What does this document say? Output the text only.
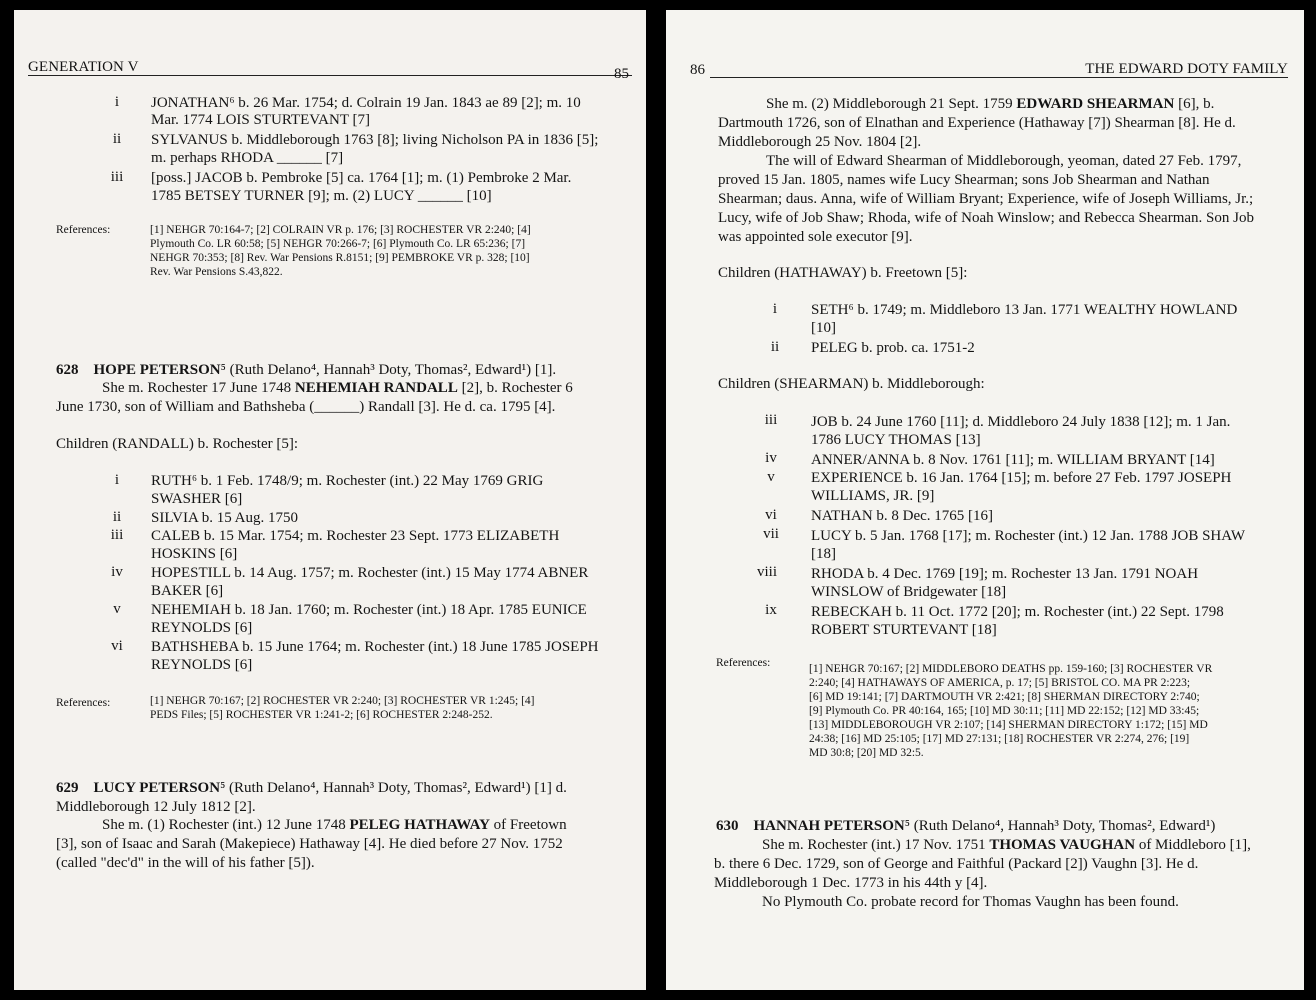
GENERATION V	85
i	JONATHAN⁶ b. 26 Mar. 1754; d. Colrain 19 Jan. 1843 ae 89 [2]; m. 10
Mar. 1774 LOIS STURTEVANT [7]
ii	SYLVANUS b. Middleborough 1763 [8]; living Nicholson PA in 1836 [5];
m. perhaps RHODA ______ [7]
iii	[poss.] JACOB b. Pembroke [5] ca. 1764 [1]; m. (1) Pembroke 2 Mar.
1785 BETSEY TURNER [9]; m. (2) LUCY ______ [10]
References:	[1] NEHGR 70:164-7; [2] COLRAIN VR p. 176; [3] ROCHESTER VR 2:240; [4]
Plymouth Co. LR 60:58; [5] NEHGR 70:266-7; [6] Plymouth Co. LR 65:236; [7]
NEHGR 70:353; [8] Rev. War Pensions R.8151; [9] PEMBROKE VR p. 328; [10]
Rev. War Pensions S.43,822.
628 HOPE PETERSON⁵ (Ruth Delano⁴, Hannah³ Doty, Thomas², Edward¹) [1].
She m. Rochester 17 June 1748 NEHEMIAH RANDALL [2], b. Rochester 6
June 1730, son of William and Bathsheba (______) Randall [3]. He d. ca. 1795 [4].
Children (RANDALL) b. Rochester [5]:
i	RUTH⁶ b. 1 Feb. 1748/9; m. Rochester (int.) 22 May 1769 GRIG
SWASHER [6]
ii	SILVIA b. 15 Aug. 1750
iii	CALEB b. 15 Mar. 1754; m. Rochester 23 Sept. 1773 ELIZABETH
HOSKINS [6]
iv	HOPESTILL b. 14 Aug. 1757; m. Rochester (int.) 15 May 1774 ABNER
BAKER [6]
v	NEHEMIAH b. 18 Jan. 1760; m. Rochester (int.) 18 Apr. 1785 EUNICE
REYNOLDS [6]
vi	BATHSHEBA b. 15 June 1764; m. Rochester (int.) 18 June 1785 JOSEPH
REYNOLDS [6]
References:	[1] NEHGR 70:167; [2] ROCHESTER VR 2:240; [3] ROCHESTER VR 1:245; [4]
PEDS Files; [5] ROCHESTER VR 1:241-2; [6] ROCHESTER 2:248-252.
629 LUCY PETERSON⁵ (Ruth Delano⁴, Hannah³ Doty, Thomas², Edward¹) [1] d.
Middleborough 12 July 1812 [2].
She m. (1) Rochester (int.) 12 June 1748 PELEG HATHAWAY of Freetown
[3], son of Isaac and Sarah (Makepiece) Hathaway [4]. He died before 27 Nov. 1752
(called "dec'd" in the will of his father [5]).
86	THE EDWARD DOTY FAMILY
She m. (2) Middleborough 21 Sept. 1759 EDWARD SHEARMAN [6], b.
Dartmouth 1726, son of Elnathan and Experience (Hathaway [7]) Shearman [8]. He d.
Middleborough 25 Nov. 1804 [2].
The will of Edward Shearman of Middleborough, yeoman, dated 27 Feb. 1797,
proved 15 Jan. 1805, names wife Lucy Shearman; sons Job Shearman and Nathan
Shearman; daus. Anna, wife of William Bryant; Experience, wife of Joseph Williams, Jr.;
Lucy, wife of Job Shaw; Rhoda, wife of Noah Winslow; and Rebecca Shearman. Son Job
was appointed sole executor [9].
Children (HATHAWAY) b. Freetown [5]:
i	SETH⁶ b. 1749; m. Middleboro 13 Jan. 1771 WEALTHY HOWLAND
[10]
ii	PELEG b. prob. ca. 1751-2
Children (SHEARMAN) b. Middleborough:
iii	JOB b. 24 June 1760 [11]; d. Middleboro 24 July 1838 [12]; m. 1 Jan.
1786 LUCY THOMAS [13]
iv	ANNER/ANNA b. 8 Nov. 1761 [11]; m. WILLIAM BRYANT [14]
v	EXPERIENCE b. 16 Jan. 1764 [15]; m. before 27 Feb. 1797 JOSEPH
WILLIAMS, JR. [9]
vi	NATHAN b. 8 Dec. 1765 [16]
vii	LUCY b. 5 Jan. 1768 [17]; m. Rochester (int.) 12 Jan. 1788 JOB SHAW
[18]
viii	RHODA b. 4 Dec. 1769 [19]; m. Rochester 13 Jan. 1791 NOAH
WINSLOW of Bridgewater [18]
ix	REBECKAH b. 11 Oct. 1772 [20]; m. Rochester (int.) 22 Sept. 1798
ROBERT STURTEVANT [18]
References:	[1] NEHGR 70:167; [2] MIDDLEBORO DEATHS pp. 159-160; [3] ROCHESTER VR
2:240; [4] HATHAWAYS OF AMERICA, p. 17; [5] BRISTOL CO. MA PR 2:223;
[6] MD 19:141; [7] DARTMOUTH VR 2:421; [8] SHERMAN DIRECTORY 2:740;
[9] Plymouth Co. PR 40:164, 165; [10] MD 30:11; [11] MD 22:152; [12] MD 33:45;
[13] MIDDLEBOROUGH VR 2:107; [14] SHERMAN DIRECTORY 1:172; [15] MD
24:38; [16] MD 25:105; [17] MD 27:131; [18] ROCHESTER VR 2:274, 276; [19]
MD 30:8; [20] MD 32:5.
630 HANNAH PETERSON⁵ (Ruth Delano⁴, Hannah³ Doty, Thomas², Edward¹)
She m. Rochester (int.) 17 Nov. 1751 THOMAS VAUGHAN of Middleboro [1],
b. there 6 Dec. 1729, son of George and Faithful (Packard [2]) Vaughn [3]. He d.
Middleborough 1 Dec. 1773 in his 44th y [4].
No Plymouth Co. probate record for Thomas Vaughn has been found.
